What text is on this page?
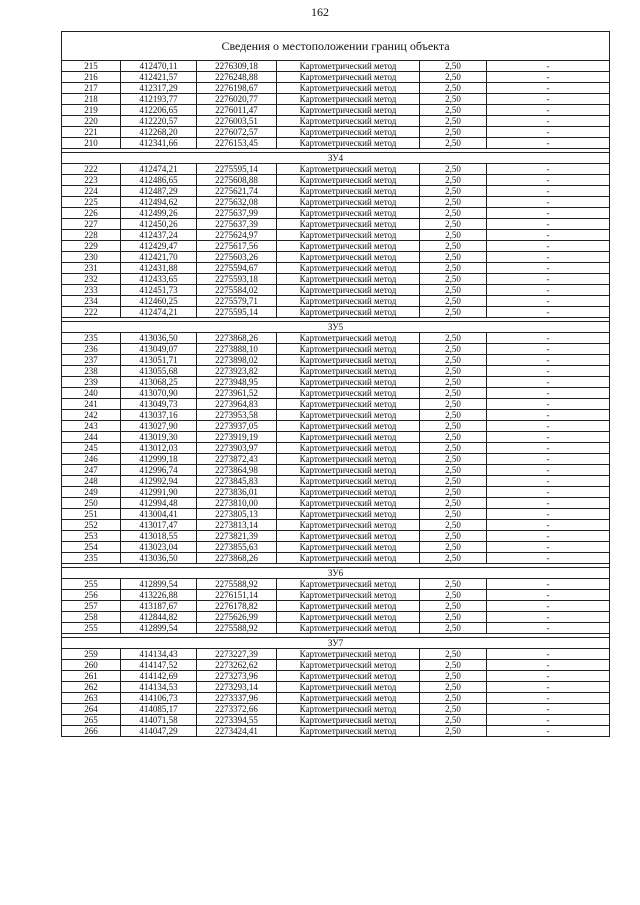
162
Сведения о местоположении границ объекта					
215	412470,11	2276309,18	Картометрический метод	2,50	-
216	412421,57	2276248,88	Картометрический метод	2,50	-
217	412317,29	2276198,67	Картометрический метод	2,50	-
218	412193,77	2276020,77	Картометрический метод	2,50	-
219	412206,65	2276011,47	Картометрический метод	2,50	-
220	412220,57	2276003,51	Картометрический метод	2,50	-
221	412268,20	2276072,57	Картометрический метод	2,50	-
210	412341,66	2276153,45	Картометрический метод	2,50	-

ЗУ4					
222	412474,21	2275595,14	Картометрический метод	2,50	-
223	412486,65	2275608,88	Картометрический метод	2,50	-
224	412487,29	2275621,74	Картометрический метод	2,50	-
225	412494,62	2275632,08	Картометрический метод	2,50	-
226	412499,26	2275637,99	Картометрический метод	2,50	-
227	412450,26	2275637,39	Картометрический метод	2,50	-
228	412437,24	2275624,97	Картометрический метод	2,50	-
229	412429,47	2275617,56	Картометрический метод	2,50	-
230	412421,70	2275603,26	Картометрический метод	2,50	-
231	412431,88	2275594,67	Картометрический метод	2,50	-
232	412433,65	2275593,18	Картометрический метод	2,50	-
233	412451,73	2275584,02	Картометрический метод	2,50	-
234	412460,25	2275579,71	Картометрический метод	2,50	-
222	412474,21	2275595,14	Картометрический метод	2,50	-

ЗУ5					
235	413036,50	2273868,26	Картометрический метод	2,50	-
236	413049,07	2273888,10	Картометрический метод	2,50	-
237	413051,71	2273898,02	Картометрический метод	2,50	-
238	413055,68	2273923,82	Картометрический метод	2,50	-
239	413068,25	2273948,95	Картометрический метод	2,50	-
240	413070,90	2273961,52	Картометрический метод	2,50	-
241	413049,73	2273964,83	Картометрический метод	2,50	-
242	413037,16	2273953,58	Картометрический метод	2,50	-
243	413027,90	2273937,05	Картометрический метод	2,50	-
244	413019,30	2273919,19	Картометрический метод	2,50	-
245	413012,03	2273903,97	Картометрический метод	2,50	-
246	412999,18	2273872,43	Картометрический метод	2,50	-
247	412996,74	2273864,98	Картометрический метод	2,50	-
248	412992,94	2273845,83	Картометрический метод	2,50	-
249	412991,90	2273836,01	Картометрический метод	2,50	-
250	412994,48	2273810,00	Картометрический метод	2,50	-
251	413004,41	2273805,13	Картометрический метод	2,50	-
252	413017,47	2273813,14	Картометрический метод	2,50	-
253	413018,55	2273821,39	Картометрический метод	2,50	-
254	413023,04	2273855,63	Картометрический метод	2,50	-
235	413036,50	2273868,26	Картометрический метод	2,50	-

ЗУ6					
255	412899,54	2275588,92	Картометрический метод	2,50	-
256	413226,88	2276151,14	Картометрический метод	2,50	-
257	413187,67	2276178,82	Картометрический метод	2,50	-
258	412844,82	2275626,99	Картометрический метод	2,50	-
255	412899,54	2275588,92	Картометрический метод	2,50	-

ЗУ7					
259	414134,43	2273227,39	Картометрический метод	2,50	-
260	414147,52	2273262,62	Картометрический метод	2,50	-
261	414142,69	2273273,96	Картометрический метод	2,50	-
262	414134,53	2273293,14	Картометрический метод	2,50	-
263	414106,73	2273337,96	Картометрический метод	2,50	-
264	414085,17	2273372,66	Картометрический метод	2,50	-
265	414071,58	2273394,55	Картометрический метод	2,50	-
266	414047,29	2273424,41	Картометрический метод	2,50	-
